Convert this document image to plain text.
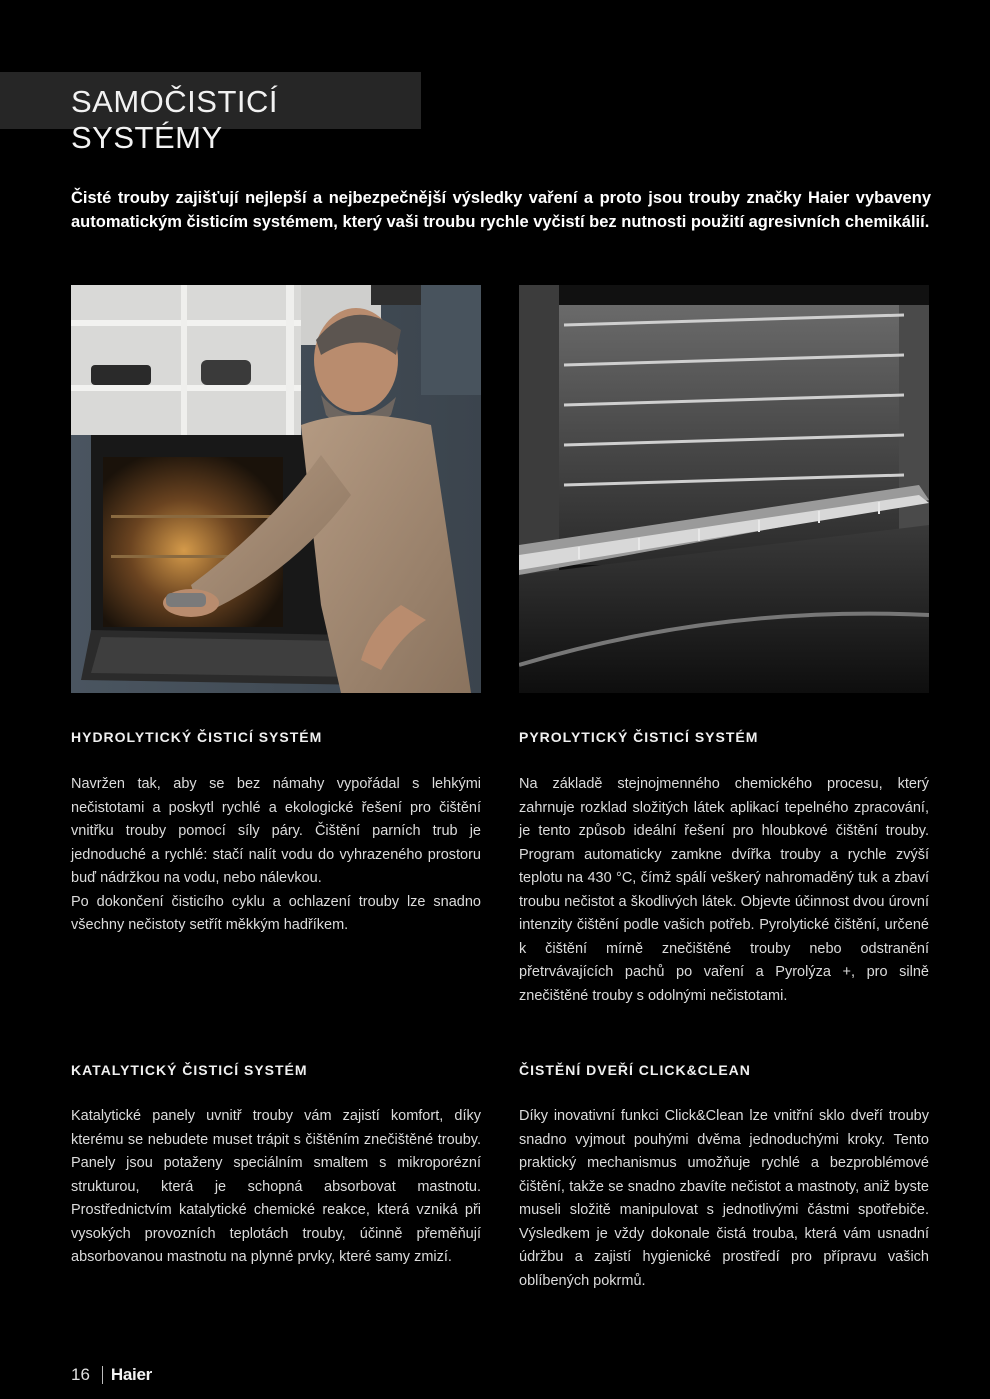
SAMOČISTICÍ SYSTÉMY
Čisté trouby zajišťují nejlepší a nejbezpečnější výsledky vaření a proto jsou trouby značky Haier vybaveny automatickým čisticím systémem, který vaši troubu rychle vyčistí bez nutnosti použití agresivních chemikálií.
HYDROLYTICKÝ ČISTICÍ SYSTÉM
Navržen tak, aby se bez námahy vypořádal s lehkými nečistotami a poskytl rychlé a ekologické řešení pro čištění vnitřku trouby pomocí síly páry. Čištění parních trub je jednoduché a rychlé: stačí nalít vodu do vyhrazeného prostoru buď nádržkou na vodu, nebo nálevkou.
Po dokončení čisticího cyklu a ochlazení trouby lze snadno všechny nečistoty setřít měkkým hadříkem.
PYROLYTICKÝ ČISTICÍ SYSTÉM
Na základě stejnojmenného chemického procesu, který zahrnuje rozklad složitých látek aplikací tepelného zpracování, je tento způsob ideální řešení pro hloubkové čištění trouby. Program automaticky zamkne dvířka trouby a rychle zvýší teplotu na 430 °C, čímž spálí veškerý nahromaděný tuk a zbaví troubu nečistot a škodlivých látek. Objevte účinnost dvou úrovní intenzity čištění podle vašich potřeb. Pyrolytické čištění, určené k čištění mírně znečištěné trouby nebo odstranění přetrvávajících pachů po vaření a Pyrolýza +, pro silně znečištěné trouby s odolnými nečistotami.
KATALYTICKÝ ČISTICÍ SYSTÉM
Katalytické panely uvnitř trouby vám zajistí komfort, díky kterému se nebudete muset trápit s čištěním znečištěné trouby. Panely jsou potaženy speciálním smaltem s mikroporézní strukturou, která je schopná absorbovat mastnotu. Prostřednictvím katalytické chemické reakce, která vzniká při vysokých provozních teplotách trouby, účinně přeměňují absorbovanou mastnotu na plynné prvky, které samy zmizí.
ČISTĚNÍ DVEŘÍ CLICK&CLEAN
Díky inovativní funkci Click&Clean lze vnitřní sklo dveří trouby snadno vyjmout pouhými dvěma jednoduchými kroky. Tento praktický mechanismus umožňuje rychlé a bezproblémové čištění, takže se snadno zbavíte nečistot a mastnoty, aniž byste museli složitě manipulovat s jednotlivými částmi spotřebiče. Výsledkem je vždy dokonale čistá trouba, která vám usnadní údržbu a zajistí hygienické prostředí pro přípravu vašich oblíbených pokrmů.
16 Haier
